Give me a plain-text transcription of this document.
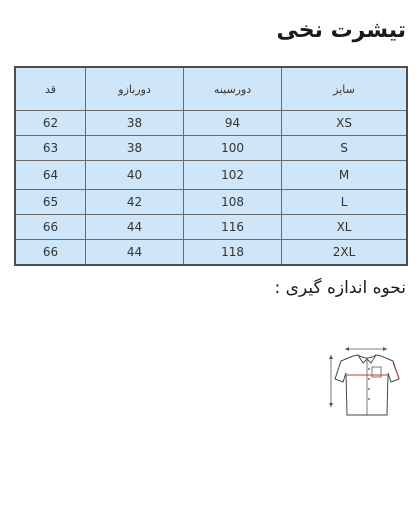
تیشرت نخی
سایز	دورسینه	دوربازو	قد
XS	94	38	62
S	100	38	63
M	102	40	64
L	108	42	65
XL	116	44	66
2XL	118	44	66
نحوه اندازه گیری :
